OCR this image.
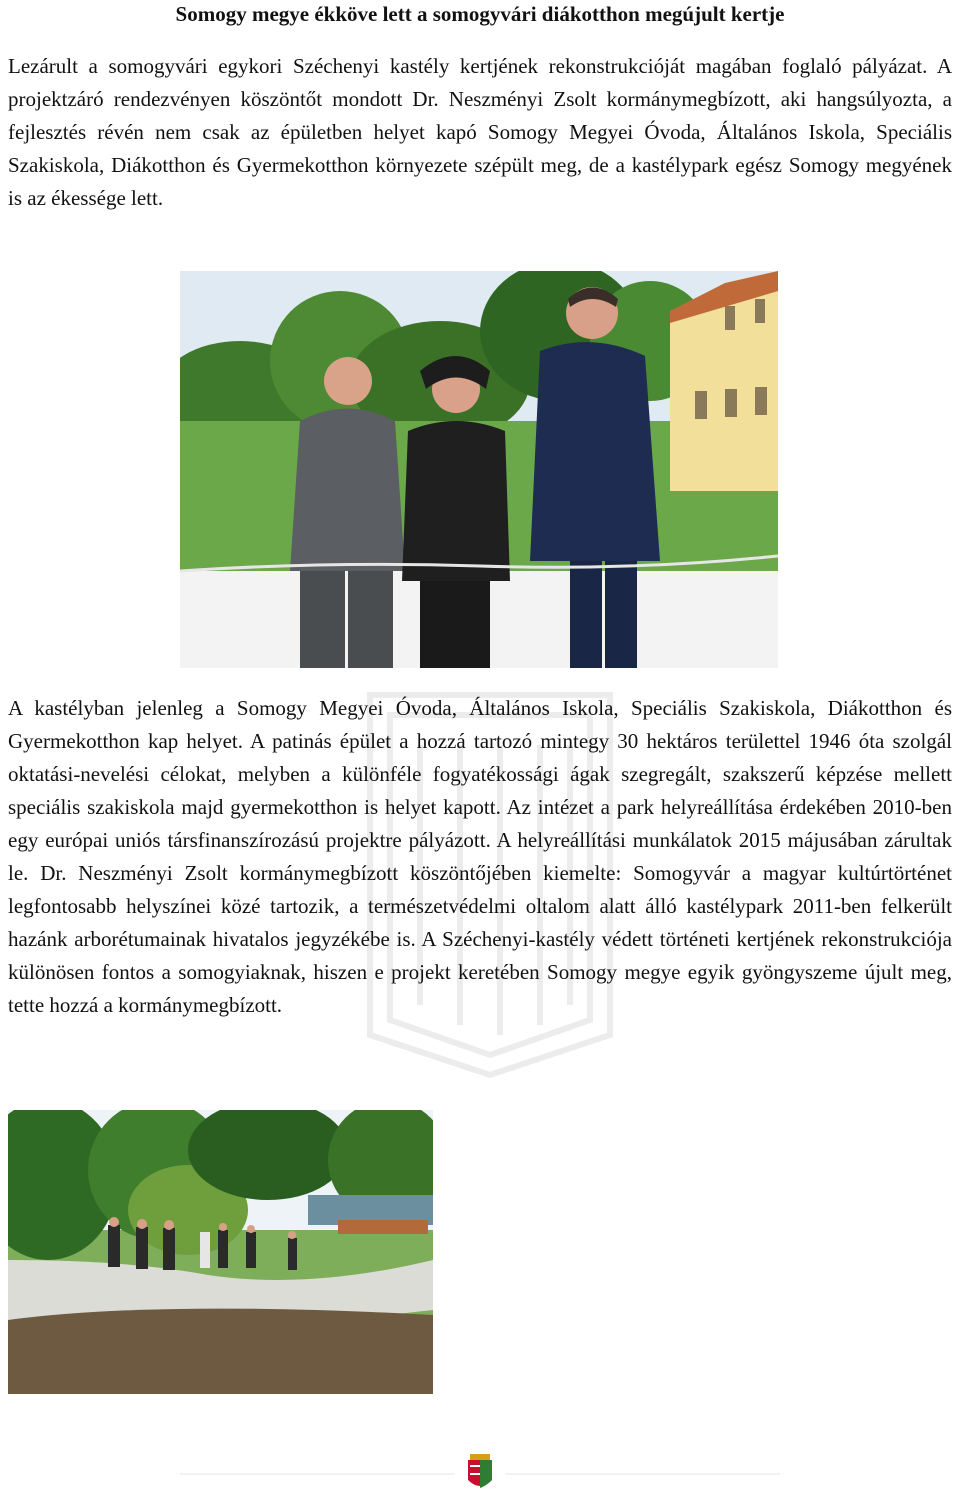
Somogy megye ékköve lett a somogyvári diákotthon megújult kertje

Lezárult a somogyvári egykori Széchenyi kastély kertjének rekonstrukcióját magában foglaló pályázat. A projektzáró rendezvényen köszöntőt mondott Dr. Neszményi Zsolt kormánymegbízott, aki hangsúlyozta, a fejlesztés révén nem csak az épületben helyet kapó Somogy Megyei Óvoda, Általános Iskola, Speciális Szakiskola, Diákotthon és Gyermekotthon környezete szépült meg, de a kastélypark egész Somogy megyének is az ékessége lett.

A kastélyban jelenleg a Somogy Megyei Óvoda, Általános Iskola, Speciális Szakiskola, Diákotthon és Gyermekotthon kap helyet. A patinás épület a hozzá tartozó mintegy 30 hektáros területtel 1946 óta szolgál oktatási-nevelési célokat, melyben a különféle fogyatékossági ágak szegregált, szakszerű képzése mellett speciális szakiskola majd gyermekotthon is helyet kapott. Az intézet a park helyreállítása érdekében 2010-ben egy európai uniós társfinanszírozású projektre pályázott. A helyreállítási munkálatok 2015 májusában zárultak le. Dr. Neszményi Zsolt kormánymegbízott köszöntőjében kiemelte: Somogyvár a magyar kultúrtörténet legfontosabb helyszínei közé tartozik, a természetvédelmi oltalom alatt álló kastélypark 2011-ben felkerült hazánk arborétumainak hivatalos jegyzékébe is. A Széchenyi-kastély védett történeti kertjének rekonstrukciója különösen fontos a somogyiaknak, hiszen e projekt keretében Somogy megye egyik gyöngyszeme újult meg, tette hozzá a kormánymegbízott.
